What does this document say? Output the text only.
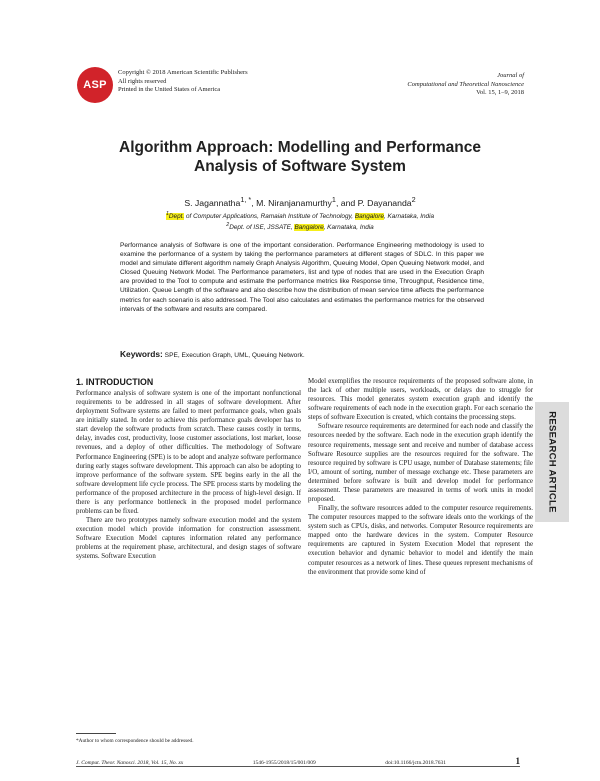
ASP
Copyright © 2018 American Scientific Publishers
All rights reserved
Printed in the United States of America
Journal of
Computational and Theoretical Nanoscience
Vol. 15, 1–9, 2018
Algorithm Approach: Modelling and Performance
Analysis of Software System
S. Jagannatha$^{1, *}$, M. Niranjanamurthy$^1$, and P. Dayananda$^2$
$^1$Dept. of Computer Applications, Ramaiah Institute of Technology, Bangalore, Karnataka, India
$^2$Dept. of ISE, JSSATE, Bangalore, Karnataka, India
Performance analysis of Software is one of the important consideration. Performance Engineering methodology is used to examine the performance of a system by taking the performance parameters at different stages of SDLC. In this paper we model and simulate different algorithm namely Graph Analysis Algorithm, Queuing Model, Open Queuing Network model, and Closed Queuing Network Model. The Performance parameters, list and type of nodes that are used in the Execution Graph are provided to the Tool to compute and estimate the performance metrics like Response time, Throughput, Residence time, Utilization. Queue Length of the software and also describe how the distribution of mean service time affects the performance metrics for each scenario is also addressed. The Tool also calculates and estimates the performance metrics for the observed intervals of the software and results are compared.
Keywords: SPE, Execution Graph, UML, Queuing Network.

1. INTRODUCTION

Performance analysis of software system is one of the important nonfunctional requirements to be addressed in all stages of software development. After deployment Software systems are failed to meet performance goals, when goals are initially stated. In order to achieve this performance goals developer has to start develop the software products from scratch. These causes costly in terms, delay, invades cost, productivity, loose customer associations, lost market, loose revenues, and a deploy of other difficulties. The methodology of Software Performance Engineering (SPE) is to be adopt and analyze software performance during early stages software development. This approach can also be adopting to improve performance of the software system. SPE begins early in the all the software development life cycle process. The SPE process starts by modeling the performance of the proposed architecture in the process of high-level design. If there is any performance bottleneck in the proposed model performance problems can be fixed.

There are two prototypes namely software execution model and the system execution model which provide information for construction assessment. Software Execution Model captures information related any performance problems at the requirement phase, architectural, and design stages of software systems. Software Execution

Model exemplifies the resource requirements of the proposed software alone, in the lack of other multiple users, workloads, or delays due to struggle for resources. This model generates system execution graph and identify the software requirements of each node in the execution graph. For each scenario the steps of software Execution is created, which contains the processing steps.

Software resource requirements are determined for each node and classify the resources needed by the software. Each node in the execution graph identify the resource requirements, message sent and receive and number of database access Software Resource supplies are the resources required for the software. The resource required by software is CPU usage, number of Database statements; file I/O, amount of sorting, number of message exchange etc. These parameters are determined before software is built and develop model for performance assessment. These parameters are measured in terms of work units in model proposed.

Finally, the software resources added to the computer resource requirements. The computer resources mapped to the software ideals onto the workings of the system such as CPUs, disks, and networks. Computer Resource requirements are mapped onto the hardware devices in the system. Computer Resource requirements are captured in System Execution Model that represent the execution behavior and dynamic behavior to model and identify the main computer resources as a network of lines. These queues represent mechanisms of the environment that provide some kind of

RESEARCH ARTICLE
*Author to whom correspondence should be addressed.
J. Comput. Theor. Nanosci. 2018, Vol. 15, No. xx	1546-1955/2018/15/001/009	doi:10.1166/jctn.2018.7631	1
